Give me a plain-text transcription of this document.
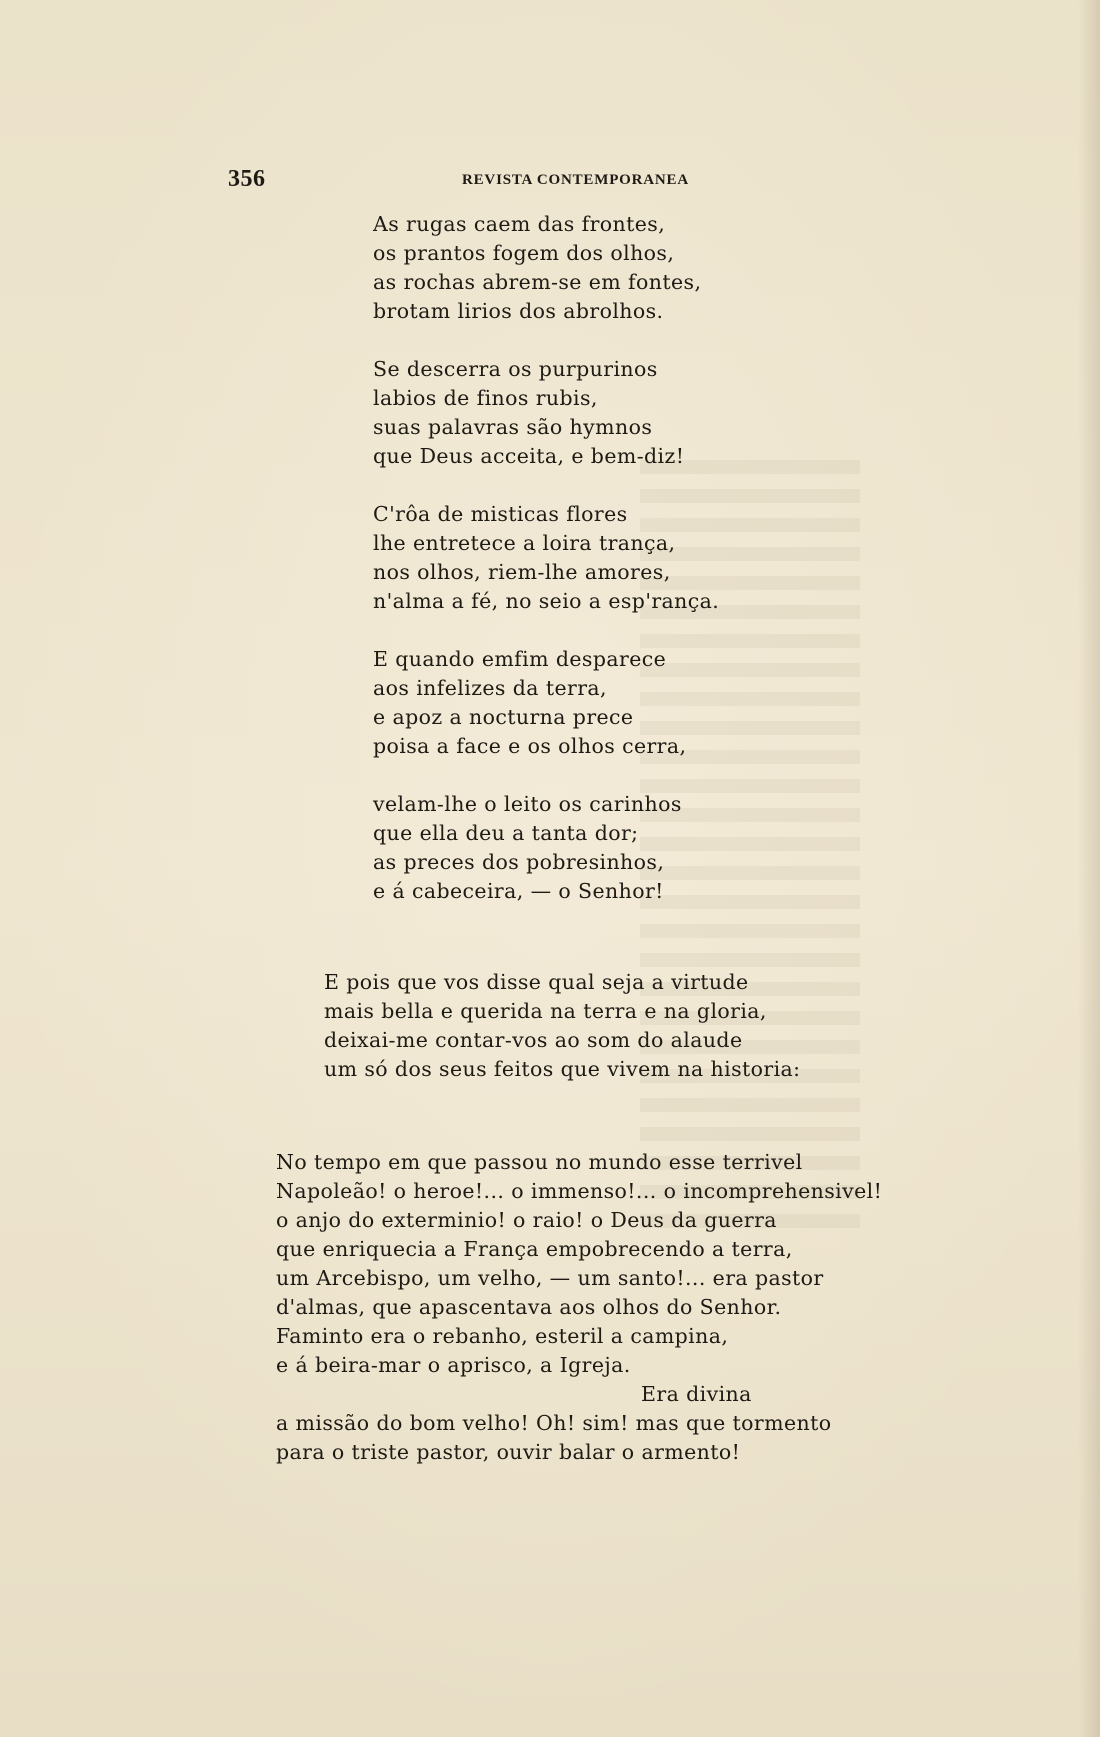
356	REVISTA CONTEMPORANEA
As rugas caem das frontes,
os prantos fogem dos olhos,
as rochas abrem-se em fontes,
brotam lirios dos abrolhos.
Se descerra os purpurinos
labios de finos rubis,
suas palavras são hymnos
que Deus acceita, e bem-diz!
C'rôa de misticas flores
lhe entretece a loira trança,
nos olhos, riem-lhe amores,
n'alma a fé, no seio a esp'rança.
E quando emfim desparece
aos infelizes da terra,
e apoz a nocturna prece
poisa a face e os olhos cerra,
velam-lhe o leito os carinhos
que ella deu a tanta dor;
as preces dos pobresinhos,
e á cabeceira, — o Senhor!
E pois que vos disse qual seja a virtude
mais bella e querida na terra e na gloria,
deixai-me contar-vos ao som do alaude
um só dos seus feitos que vivem na historia:
No tempo em que passou no mundo esse terrivel
Napoleão! o heroe!... o immenso!... o incomprehensivel!
o anjo do exterminio! o raio! o Deus da guerra
que enriquecia a França empobrecendo a terra,
um Arcebispo, um velho, — um santo!... era pastor
d'almas, que apascentava aos olhos do Senhor.
Faminto era o rebanho, esteril a campina,
e á beira-mar o aprisco, a Igreja.
Era divina
a missão do bom velho! Oh! sim! mas que tormento
para o triste pastor, ouvir balar o armento!
